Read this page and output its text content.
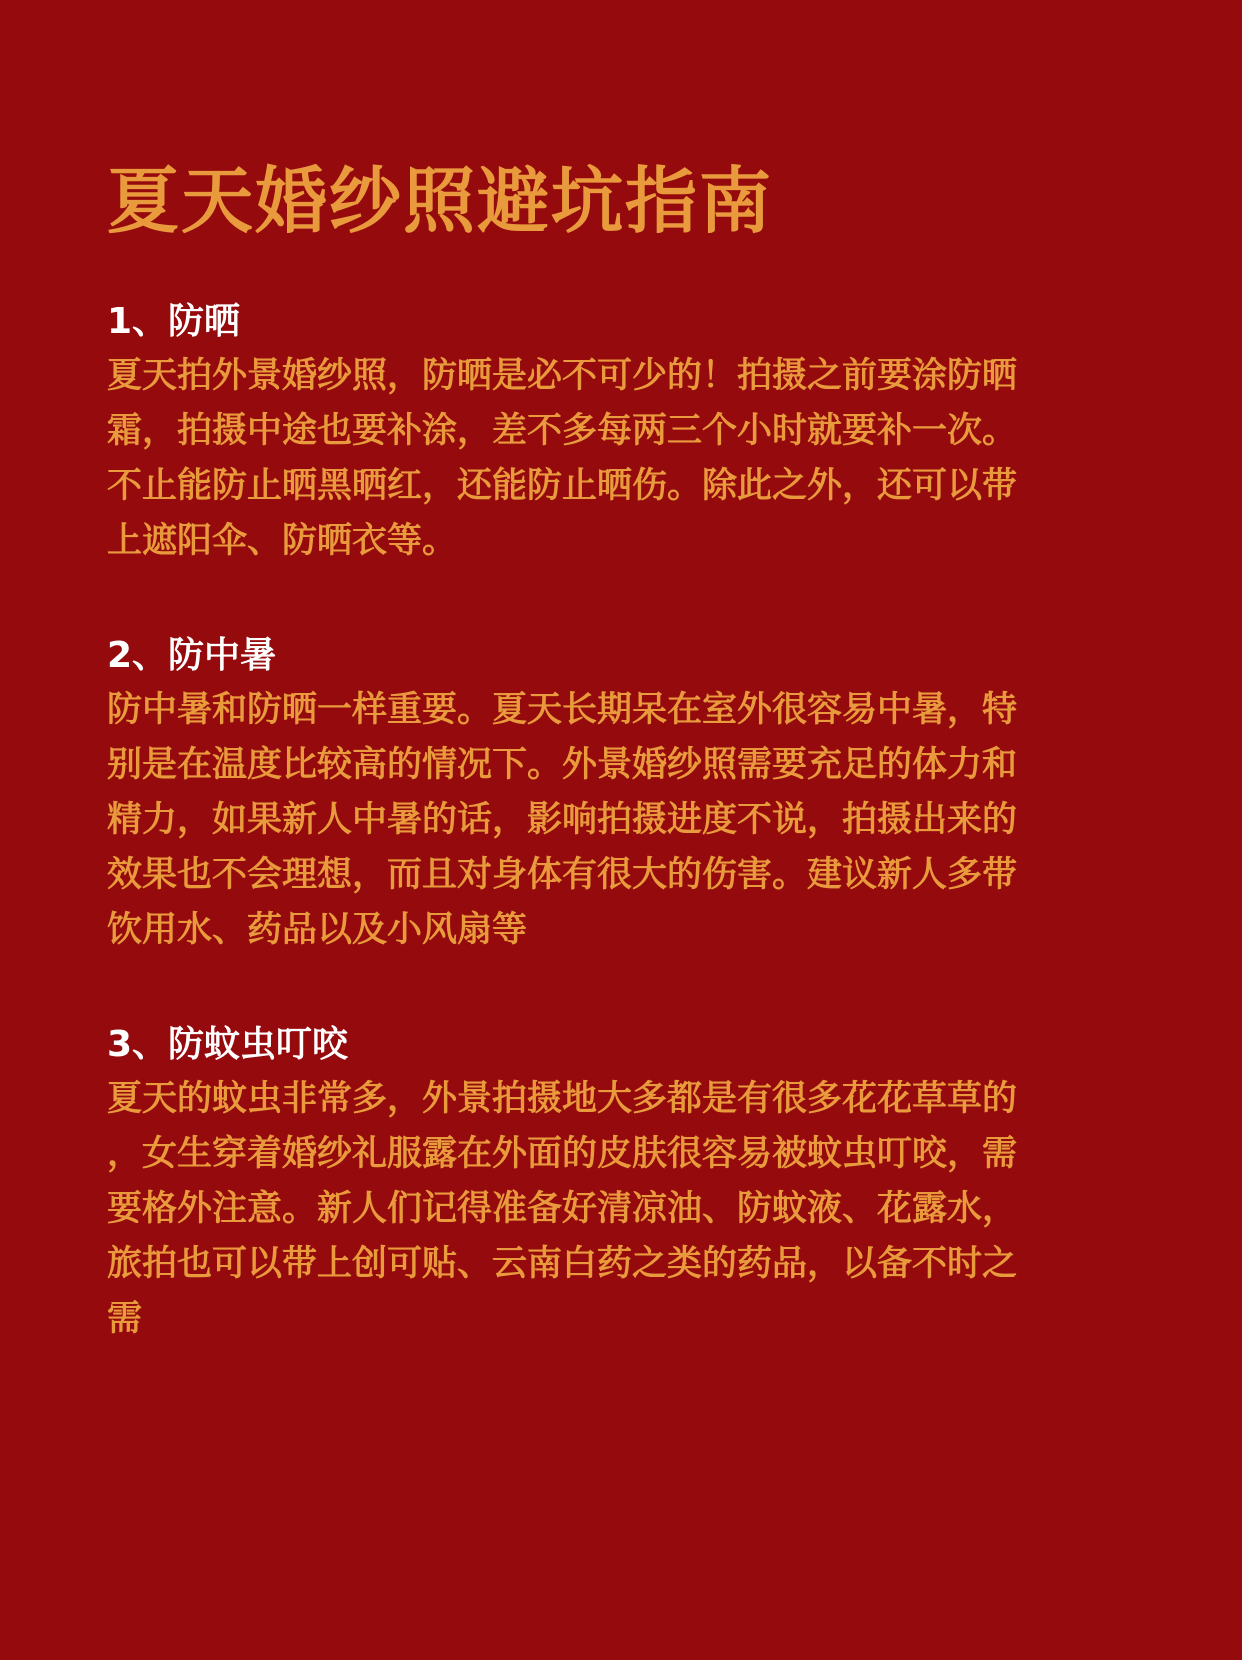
夏天婚纱照避坑指南
1、防晒

夏天拍外景婚纱照，防晒是必不可少的！拍摄之前要涂防晒
霜，拍摄中途也要补涂，差不多每两三个小时就要补一次。
不止能防止晒黑晒红，还能防止晒伤。除此之外，还可以带
上遮阳伞、防晒衣等。

2、防中暑

防中暑和防晒一样重要。夏天长期呆在室外很容易中暑，特
别是在温度比较高的情况下。外景婚纱照需要充足的体力和
精力，如果新人中暑的话，影响拍摄进度不说，拍摄出来的
效果也不会理想，而且对身体有很大的伤害。建议新人多带
饮用水、药品以及小风扇等

3、防蚊虫叮咬

夏天的蚊虫非常多，外景拍摄地大多都是有很多花花草草的
，女生穿着婚纱礼服露在外面的皮肤很容易被蚊虫叮咬，需
要格外注意。新人们记得准备好清凉油、防蚊液、花露水，
旅拍也可以带上创可贴、云南白药之类的药品，以备不时之
需
